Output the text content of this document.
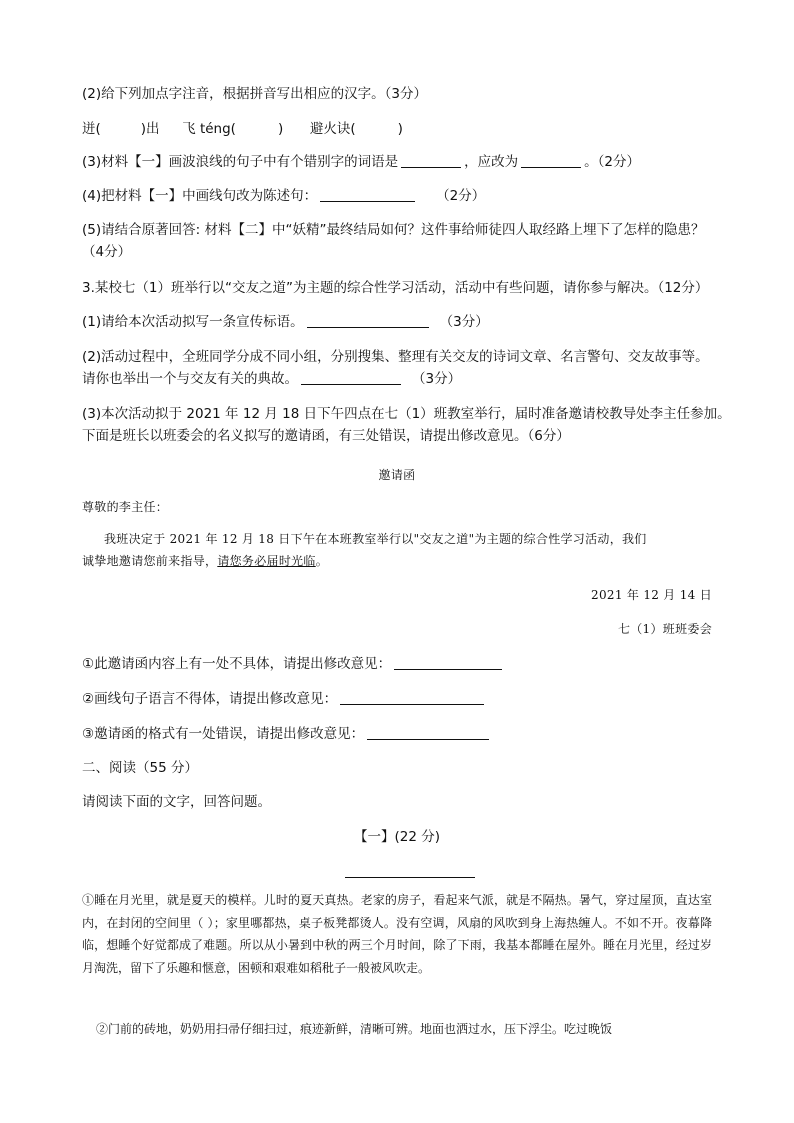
(2)给下列加点字注音，根据拼音写出相应的汉字。（3分）
迸(	)出 飞 téng(	) 避火诀(	)
(3)材料【一】画波浪线的句子中有个错别字的词语是	，应改为	。（2分）
(4)把材料【一】中画线句改为陈述句：	（2分）
(5)请结合原著回答: 材料【二】中“妖精”最终结局如何？这件事给师徒四人取经路上埋下了怎样的隐患？
（4分）
3.某校七（1）班举行以“交友之道”为主题的综合性学习活动，活动中有些问题，请你参与解决。（12分）
(1)请给本次活动拟写一条宣传标语。	（3分）
(2)活动过程中，全班同学分成不同小组，分别搜集、整理有关交友的诗词文章、名言警句、交友故事等。
请你也举出一个与交友有关的典故。	（3分）
(3)本次活动拟于 2021 年 12 月 18 日下午四点在七（1）班教室举行，届时准备邀请校教导处李主任参加。
下面是班长以班委会的名义拟写的邀请函，有三处错误，请提出修改意见。（6分）
邀请函
尊敬的李主任：
我班决定于 2021 年 12 月 18 日下午在本班教室举行以"交友之道"为主题的综合性学习活动，我们
诚挚地邀请您前来指导，请您务必届时光临。
2021 年 12 月 14 日
七（1）班班委会
①此邀请函内容上有一处不具体，请提出修改意见：
②画线句子语言不得体，请提出修改意见：
③邀请函的格式有一处错误，请提出修改意见：
二、阅读（55 分）
请阅读下面的文字，回答问题。
【一】(22 分)
①睡在月光里，就是夏天的模样。儿时的夏天真热。老家的房子，看起来气派，就是不隔热。暑气，穿过屋顶，直达室内，在封闭的空间里（ ）；家里哪都热，桌子板凳都烫人。没有空调，风扇的风吹到身上海热缠人。不如不开。夜幕降临，想睡个好觉都成了难题。所以从小暑到中秋的两三个月时间，除了下雨，我基本都睡在屋外。睡在月光里，经过岁月淘洗，留下了乐趣和惬意，困顿和艰难如稻秕子一般被风吹走。
②门前的砖地，奶奶用扫帚仔细扫过，痕迹新鲜，清晰可辨。地面也洒过水，压下浮尘。吃过晚饭
